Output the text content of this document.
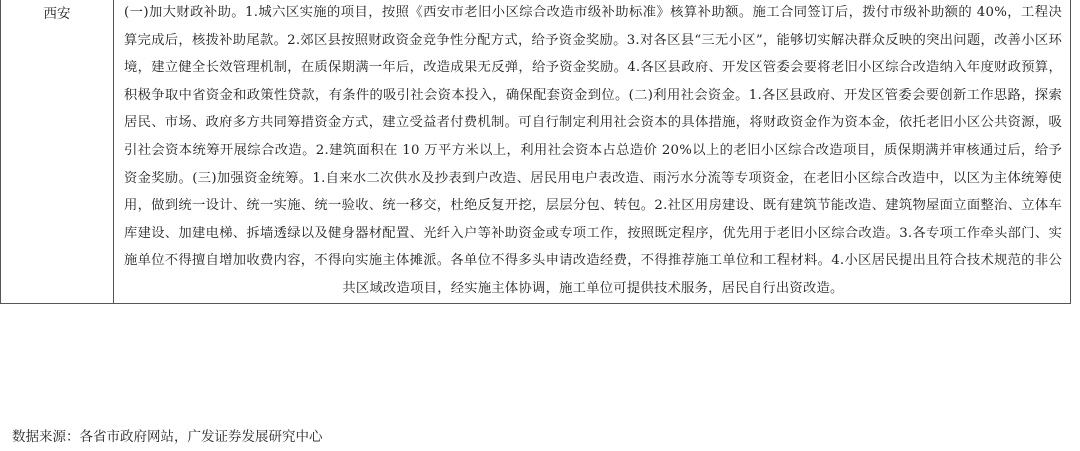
西安	(一)加大财政补助。1.城六区实施的项目，按照《西安市老旧小区综合改造市级补助标准》核算补助额。施工合同签订后，拨付市级补助额的 40%，工程决算完成后，核拨补助尾款。2.郊区县按照财政资金竞争性分配方式，给予资金奖励。3.对各区县“三无小区”，能够切实解决群众反映的突出问题，改善小区环境，建立健全长效管理机制，在质保期满一年后，改造成果无反弹，给予资金奖励。4.各区县政府、开发区管委会要将老旧小区综合改造纳入年度财政预算，积极争取中省资金和政策性贷款，有条件的吸引社会资本投入，确保配套资金到位。(二)利用社会资金。1.各区县政府、开发区管委会要创新工作思路，探索居民、市场、政府多方共同筹措资金方式，建立受益者付费机制。可自行制定利用社会资本的具体措施，将财政资金作为资本金，依托老旧小区公共资源，吸引社会资本统筹开展综合改造。2.建筑面积在 10 万平方米以上，利用社会资本占总造价 20%以上的老旧小区综合改造项目，质保期满并审核通过后，给予资金奖励。(三)加强资金统筹。1.自来水二次供水及抄表到户改造、居民用电户表改造、雨污水分流等专项资金，在老旧小区综合改造中，以区为主体统筹使用，做到统一设计、统一实施、统一验收、统一移交，杜绝反复开挖，层层分包、转包。2.社区用房建设、既有建筑节能改造、建筑物屋面立面整治、立体车库建设、加建电梯、拆墙透绿以及健身器材配置、光纤入户等补助资金或专项工作，按照既定程序，优先用于老旧小区综合改造。3.各专项工作牵头部门、实施单位不得擅自增加收费内容，不得向实施主体摊派。各单位不得多头申请改造经费，不得推荐施工单位和工程材料。4.小区居民提出且符合技术规范的非公共区域改造项目，经实施主体协调，施工单位可提供技术服务，居民自行出资改造。
数据来源：各省市政府网站，广发证券发展研究中心
